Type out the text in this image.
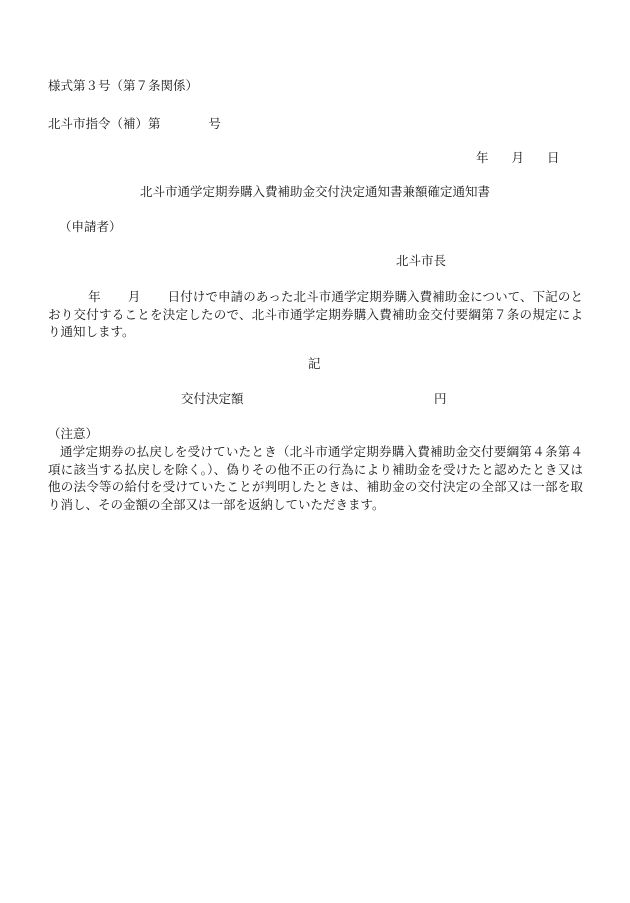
様式第３号（第７条関係）
北斗市指令（補）第	号
年 月 日
北斗市通学定期券購入費補助金交付決定通知書兼額確定通知書
（申請者）
北斗市長
年 月 日付けで申請のあった北斗市通学定期券購入費補助金について、下記のとおり交付することを決定したので、北斗市通学定期券購入費補助金交付要綱第７条の規定により通知します。
記
交付決定額	円
（注意）
通学定期券の払戻しを受けていたとき（北斗市通学定期券購入費補助金交付要綱第４条第４項に該当する払戻しを除く。）、偽りその他不正の行為により補助金を受けたと認めたとき又は他の法令等の給付を受けていたことが判明したときは、補助金の交付決定の全部又は一部を取り消し、その金額の全部又は一部を返納していただきます。
